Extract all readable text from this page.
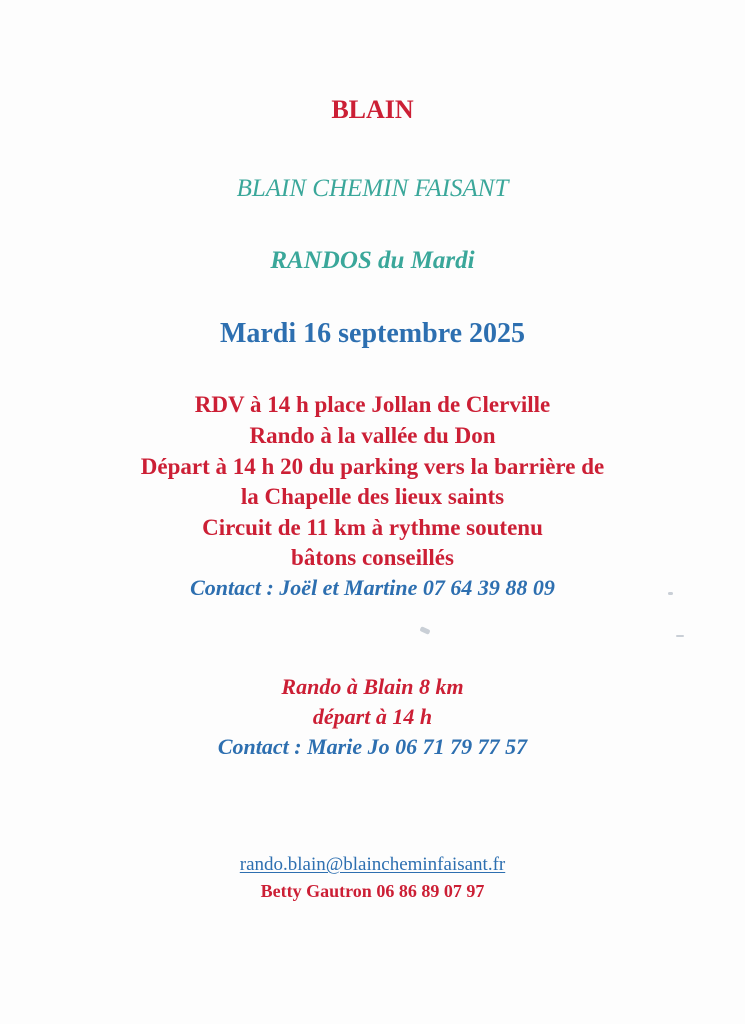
BLAIN
BLAIN CHEMIN FAISANT
RANDOS du Mardi
Mardi 16 septembre 2025
RDV à 14 h place Jollan de Clerville
Rando à la vallée du Don
Départ à 14 h 20 du parking vers la barrière de
la Chapelle des lieux saints
Circuit de 11 km à rythme soutenu
bâtons conseillés
Contact : Joël et Martine 07 64 39 88 09
Rando à Blain 8 km
départ à 14 h
Contact : Marie Jo 06 71 79 77 57
rando.blain@blaincheminfaisant.fr
Betty Gautron 06 86 89 07 97
